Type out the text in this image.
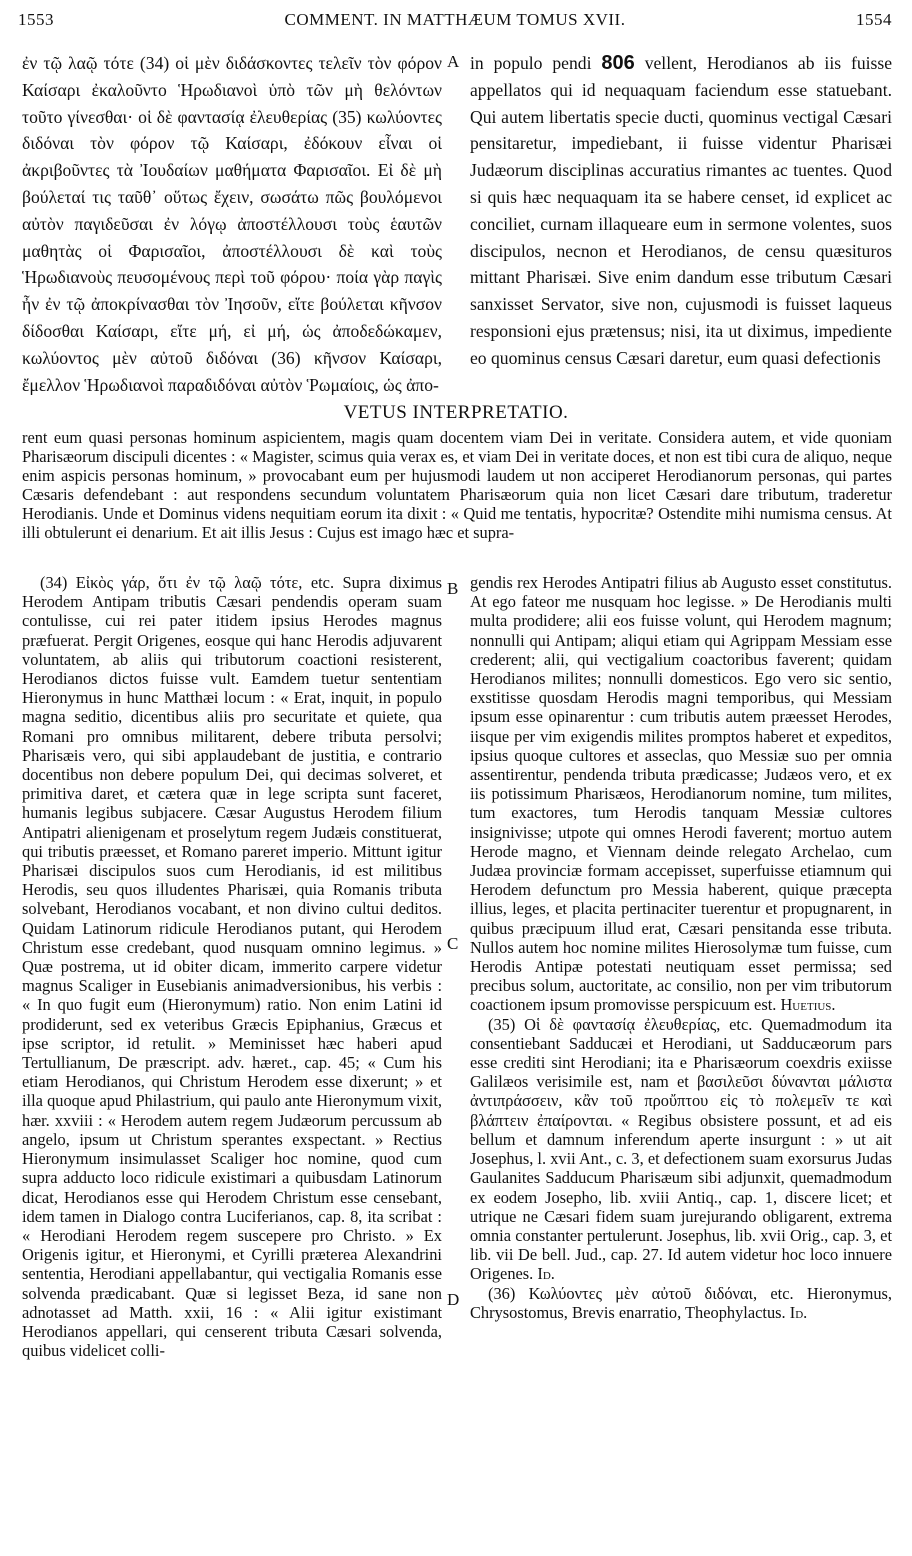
1553	COMMENT. IN MATTHÆUM TOMUS XVII.	1554

ἐν τῷ λαῷ τότε (34) οἱ μὲν διδάσκοντες τελεῖν τὸν φόρον Καίσαρι ἐκαλοῦντο Ἡρωδιανοὶ ὑπὸ τῶν μὴ θελόντων τοῦτο γίνεσθαι· οἱ δὲ φαντασίᾳ ἐλευθερίας (35) κωλύοντες διδόναι τὸν φόρον τῷ Καίσαρι, ἐδόκουν εἶναι οἱ ἀκριβοῦντες τὰ Ἰουδαίων μαθήματα Φαρισαῖοι. Εἰ δὲ μὴ βούλεταί τις ταῦθ᾽ οὕτως ἔχειν, σωσάτω πῶς βουλόμενοι αὐτὸν παγιδεῦσαι ἐν λόγῳ ἀποστέλλουσι τοὺς ἑαυτῶν μαθητὰς οἱ Φαρισαῖοι, ἀποστέλλουσι δὲ καὶ τοὺς Ἡρωδιανοὺς πευσομένους περὶ τοῦ φόρου· ποία γὰρ παγὶς ἦν ἐν τῷ ἀποκρίνασθαι τὸν Ἰησοῦν, εἴτε βούλεται κῆνσον δίδοσθαι Καίσαρι, εἴτε μή, εἰ μή, ὡς ἀποδεδώκαμεν, κωλύοντος μὲν αὐτοῦ διδόναι (36) κῆνσον Καίσαρι, ἔμελλον Ἡρωδιανοὶ παραδιδόναι αὐτὸν Ῥωμαίοις, ὡς ἀπο-

A in populo pendi 806 vellent, Herodianos ab iis fuisse appellatos qui id nequaquam faciendum esse statuebant. Qui autem libertatis specie ducti, quominus vectigal Cæsari pensitaretur, impediebant, ii fuisse videntur Pharisæi Judæorum disciplinas accuratius rimantes ac tuentes. Quod si quis hæc nequaquam ita se habere censet, id explicet ac conciliet, curnam illaqueare eum in sermone volentes, suos discipulos, necnon et Herodianos, de censu quæsituros mittant Pharisæi. Sive enim dandum esse tributum Cæsari sanxisset Servator, sive non, cujusmodi is fuisset laqueus responsioni ejus prætensus; nisi, ita ut diximus, impediente eo quominus census Cæsari daretur, eum quasi defectionis

VETUS INTERPRETATIO.
rent eum quasi personas hominum aspicientem, magis quam docentem viam Dei in veritate. Considera autem, et vide quoniam Pharisæorum discipuli dicentes : « Magister, scimus quia verax es, et viam Dei in veritate doces, et non est tibi cura de aliquo, neque enim aspicis personas hominum, » provocabant eum per hujusmodi laudem ut non acciperet Herodianorum personas, qui partes Cæsaris defendebant : aut respondens secundum voluntatem Pharisæorum quia non licet Cæsari dare tributum, traderetur Herodianis. Unde et Dominus videns nequitiam eorum ita dixit : « Quid me tentatis, hypocritæ? Ostendite mihi numisma census. At illi obtulerunt ei denarium. Et ait illis Jesus : Cujus est imago hæc et supra-
B
C
D

(34) Εἰκὸς γάρ, ὅτι ἐν τῷ λαῷ τότε, etc. Supra diximus Herodem Antipam tributis Cæsari pendendis operam suam contulisse, cui rei pater itidem ipsius Herodes magnus præfuerat. Pergit Origenes, eosque qui hanc Herodis adjuvarent voluntatem, ab aliis qui tributorum coactioni resisterent, Herodianos dictos fuisse vult. Eamdem tuetur sententiam Hieronymus in hunc Matthæi locum : « Erat, inquit, in populo magna seditio, dicentibus aliis pro securitate et quiete, qua Romani pro omnibus militarent, debere tributa persolvi; Pharisæis vero, qui sibi applaudebant de justitia, e contrario docentibus non debere populum Dei, qui decimas solveret, et primitiva daret, et cætera quæ in lege scripta sunt faceret, humanis legibus subjacere. Cæsar Augustus Herodem filium Antipatri alienigenam et proselytum regem Judæis constituerat, qui tributis præesset, et Romano pareret imperio. Mittunt igitur Pharisæi discipulos suos cum Herodianis, id est militibus Herodis, seu quos illudentes Pharisæi, quia Romanis tributa solvebant, Herodianos vocabant, et non divino cultui deditos. Quidam Latinorum ridicule Herodianos putant, qui Herodem Christum esse credebant, quod nusquam omnino legimus. » Quæ postrema, ut id obiter dicam, immerito carpere videtur magnus Scaliger in Eusebianis animadversionibus, his verbis : « In quo fugit eum (Hieronymum) ratio. Non enim Latini id prodiderunt, sed ex veteribus Græcis Epiphanius, Græcus et ipse scriptor, id retulit. » Meminisset hæc haberi apud Tertullianum, De præscript. adv. hæret., cap. 45; « Cum his etiam Herodianos, qui Christum Herodem esse dixerunt; » et illa quoque apud Philastrium, qui paulo ante Hieronymum vixit, hær. xxviii : « Herodem autem regem Judæorum percussum ab angelo, ipsum ut Christum sperantes exspectant. » Rectius Hieronymum insimulasset Scaliger hoc nomine, quod cum supra adducto loco ridicule existimari a quibusdam Latinorum dicat, Herodianos esse qui Herodem Christum esse censebant, idem tamen in Dialogo contra Luciferianos, cap. 8, ita scribat : « Herodiani Herodem regem suscepere pro Christo. » Ex Origenis igitur, et Hieronymi, et Cyrilli præterea Alexandrini sententia, Herodiani appellabantur, qui vectigalia Romanis esse solvenda prædicabant. Quæ si legisset Beza, id sane non adnotasset ad Matth. xxii, 16 : « Alii igitur existimant Herodianos appellari, qui censerent tributa Cæsari solvenda, quibus videlicet colli-

gendis rex Herodes Antipatri filius ab Augusto esset constitutus. At ego fateor me nusquam hoc legisse. » De Herodianis multi multa prodidere; alii eos fuisse volunt, qui Herodem magnum; nonnulli qui Antipam; aliqui etiam qui Agrippam Messiam esse crederent; alii, qui vectigalium coactoribus faverent; quidam Herodianos milites; nonnulli domesticos. Ego vero sic sentio, exstitisse quosdam Herodis magni temporibus, qui Messiam ipsum esse opinarentur : cum tributis autem præesset Herodes, iisque per vim exigendis milites promptos haberet et expeditos, ipsius quoque cultores et asseclas, quo Messiæ suo per omnia assentirentur, pendenda tributa prædicasse; Judæos vero, et ex iis potissimum Pharisæos, Herodianorum nomine, tum milites, tum exactores, tum Herodis tanquam Messiæ cultores insignivisse; utpote qui omnes Herodi faverent; mortuo autem Herode magno, et Viennam deinde relegato Archelao, cum Judæa provinciæ formam accepisset, superfuisse etiamnum qui Herodem defunctum pro Messia haberent, quique præcepta illius, leges, et placita pertinaciter tuerentur et propugnarent, in quibus præcipuum illud erat, Cæsari pensitanda esse tributa. Nullos autem hoc nomine milites Hierosolymæ tum fuisse, cum Herodis Antipæ potestati neutiquam esset permissa; sed precibus solum, auctoritate, ac consilio, non per vim tributorum coactionem ipsum promovisse perspicuum est. Huetius.

(35) Οἱ δὲ φαντασίᾳ ἐλευθερίας, etc. Quemadmodum ita consentiebant Sadducæi et Herodiani, ut Sadducæorum pars esse crediti sint Herodiani; ita e Pharisæorum coexdris exiisse Galilæos verisimile est, nam et βασιλεῦσι δύνανται μάλιστα ἀντιπράσσειν, κἂν τοῦ προὔπτου εἰς τὸ πολεμεῖν τε καὶ βλάπτειν ἐπαίρονται. « Regibus obsistere possunt, et ad eis bellum et damnum inferendum aperte insurgunt : » ut ait Josephus, l. xvii Ant., c. 3, et defectionem suam exorsurus Judas Gaulanites Sadducum Pharisæum sibi adjunxit, quemadmodum ex eodem Josepho, lib. xviii Antiq., cap. 1, discere licet; et utrique ne Cæsari fidem suam jurejurando obligarent, extrema omnia constanter pertulerunt. Josephus, lib. xvii Orig., cap. 3, et lib. vii De bell. Jud., cap. 27. Id autem videtur hoc loco innuere Origenes. Id.

(36) Κωλύοντες μὲν αὐτοῦ διδόναι, etc. Hieronymus, Chrysostomus, Brevis enarratio, Theophylactus. Id.
